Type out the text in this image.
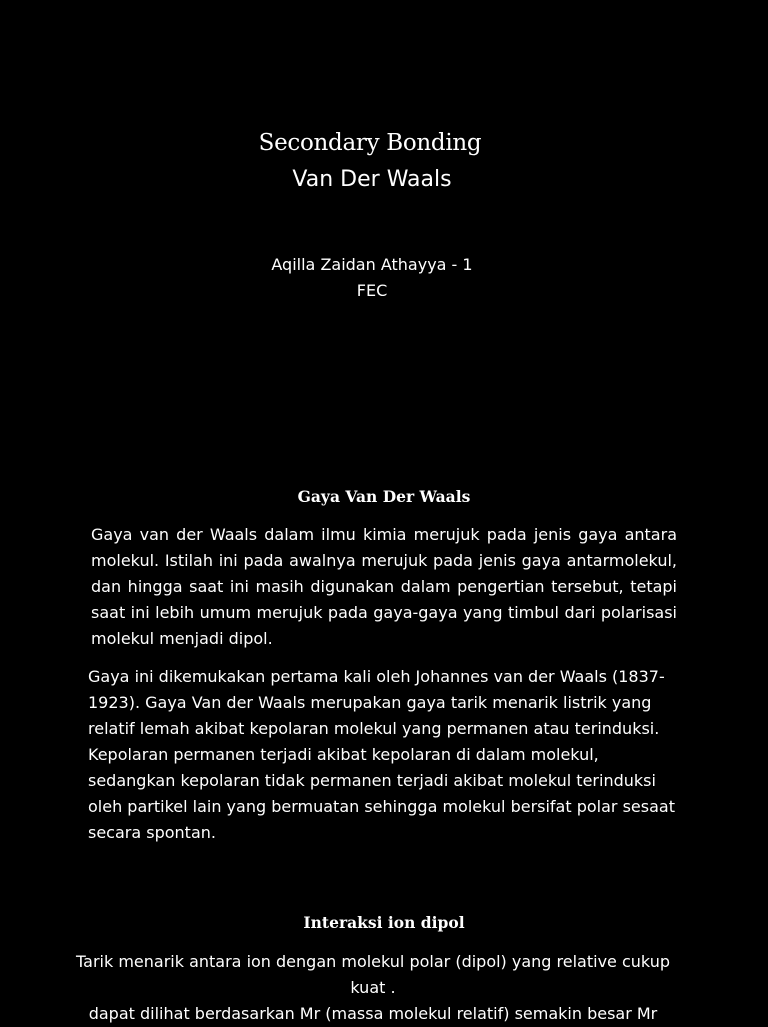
Secondary Bonding
Van Der Waals
Aqilla Zaidan Athayya - 1
FEC
Gaya Van Der Waals
Gaya van der Waals dalam ilmu kimia merujuk pada jenis gaya antara molekul. Istilah ini pada awalnya merujuk pada jenis gaya antarmolekul, dan hingga saat ini masih digunakan dalam pengertian tersebut, tetapi saat ini lebih umum merujuk pada gaya-gaya yang timbul dari polarisasi molekul menjadi dipol.
Gaya ini dikemukakan pertama kali oleh Johannes van der Waals (1837-1923). Gaya Van der Waals merupakan gaya tarik menarik listrik yang relatif lemah akibat kepolaran molekul yang permanen atau terinduksi. Kepolaran permanen terjadi akibat kepolaran di dalam molekul, sedangkan kepolaran tidak permanen terjadi akibat molekul terinduksi oleh partikel lain yang bermuatan sehingga molekul bersifat polar sesaat secara spontan.
Interaksi ion dipol
Tarik menarik antara ion dengan molekul polar (dipol) yang relative cukup kuat .
dapat dilihat berdasarkan Mr (massa molekul relatif) semakin besar Mr
